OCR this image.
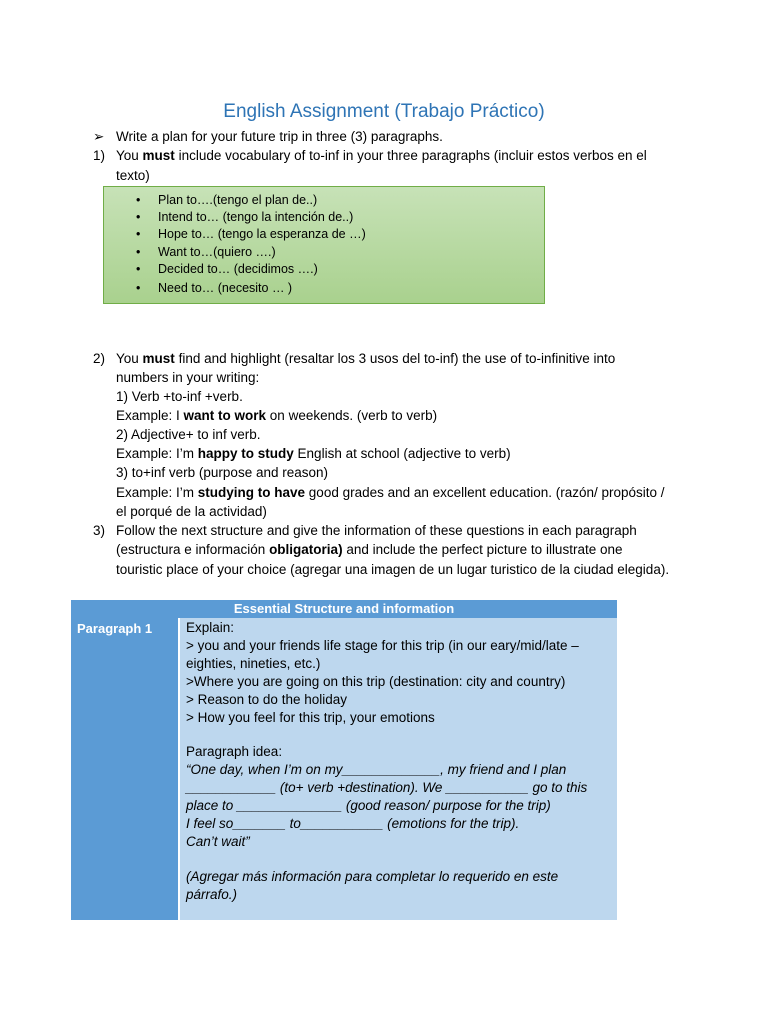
English Assignment (Trabajo Práctico)
➢ Write a plan for your future trip in three (3) paragraphs.
1) You must include vocabulary of to-inf in your three paragraphs (incluir estos verbos en el
texto)
• Plan to….(tengo el plan de..)
• Intend to… (tengo la intención de..)
• Hope to… (tengo la esperanza de …)
• Want to…(quiero ….)
• Decided to… (decidimos ….)
• Need to… (necesito … )
2) You must find and highlight (resaltar los 3 usos del to-inf) the use of to-infinitive into
numbers in your writing:
1) Verb +to-inf +verb.
Example: I want to work on weekends. (verb to verb)
2) Adjective+ to inf verb.
Example: I’m happy to study English at school (adjective to verb)
3) to+inf verb (purpose and reason)
Example: I’m studying to have good grades and an excellent education. (razón/ propósito /
el porqué de la actividad)
3) Follow the next structure and give the information of these questions in each paragraph
(estructura e información obligatoria) and include the perfect picture to illustrate one
touristic place of your choice (agregar una imagen de un lugar turistico de la ciudad elegida).
Essential Structure and information
Paragraph 1	Explain:
> you and your friends life stage for this trip (in our eary/mid/late –
eighties, nineties, etc.)
>Where you are going on this trip (destination: city and country)
> Reason to do the holiday
> How you feel for this trip, your emotions
Paragraph idea:
“One day, when I’m on my_____________, my friend and I plan
____________ (to+ verb +destination). We ___________ go to this
place to ______________ (good reason/ purpose for the trip)
I feel so_______ to___________ (emotions for the trip).
Can’t wait”
(Agregar más información para completar lo requerido en este
párrafo.)
